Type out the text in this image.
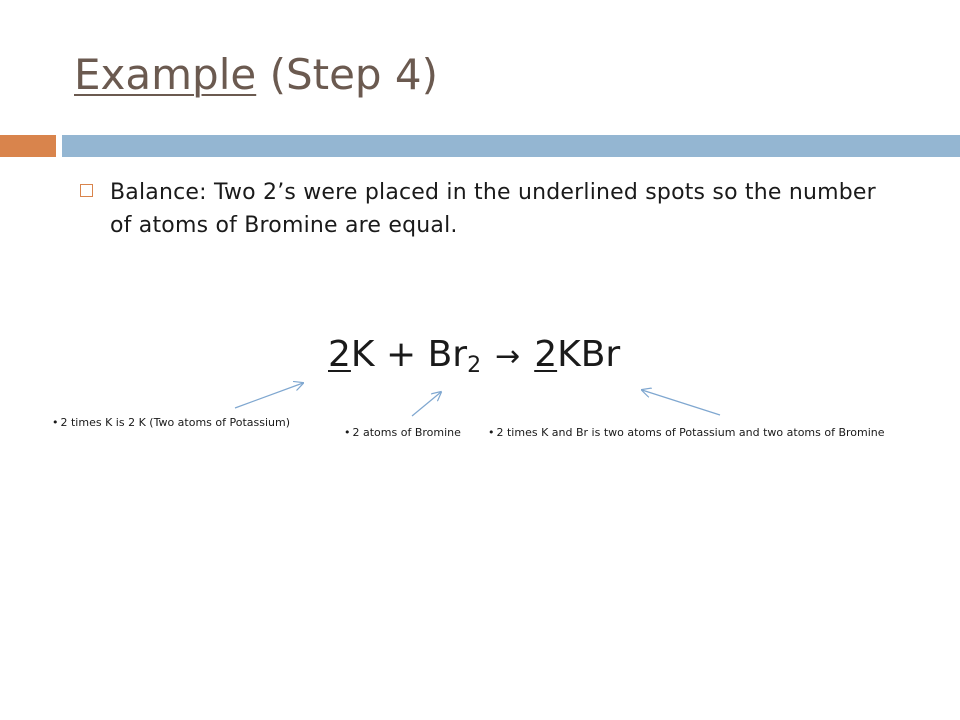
Example (Step 4)
Balance: Two 2’s were placed in the underlined spots so the number of atoms of Bromine are equal.
$2K + Br_2 \to 2KBr$
• 2 times K is 2 K (Two atoms of Potassium)
• 2 atoms of Bromine • 2 times K and Br is two atoms of Potassium and two atoms of Bromine
